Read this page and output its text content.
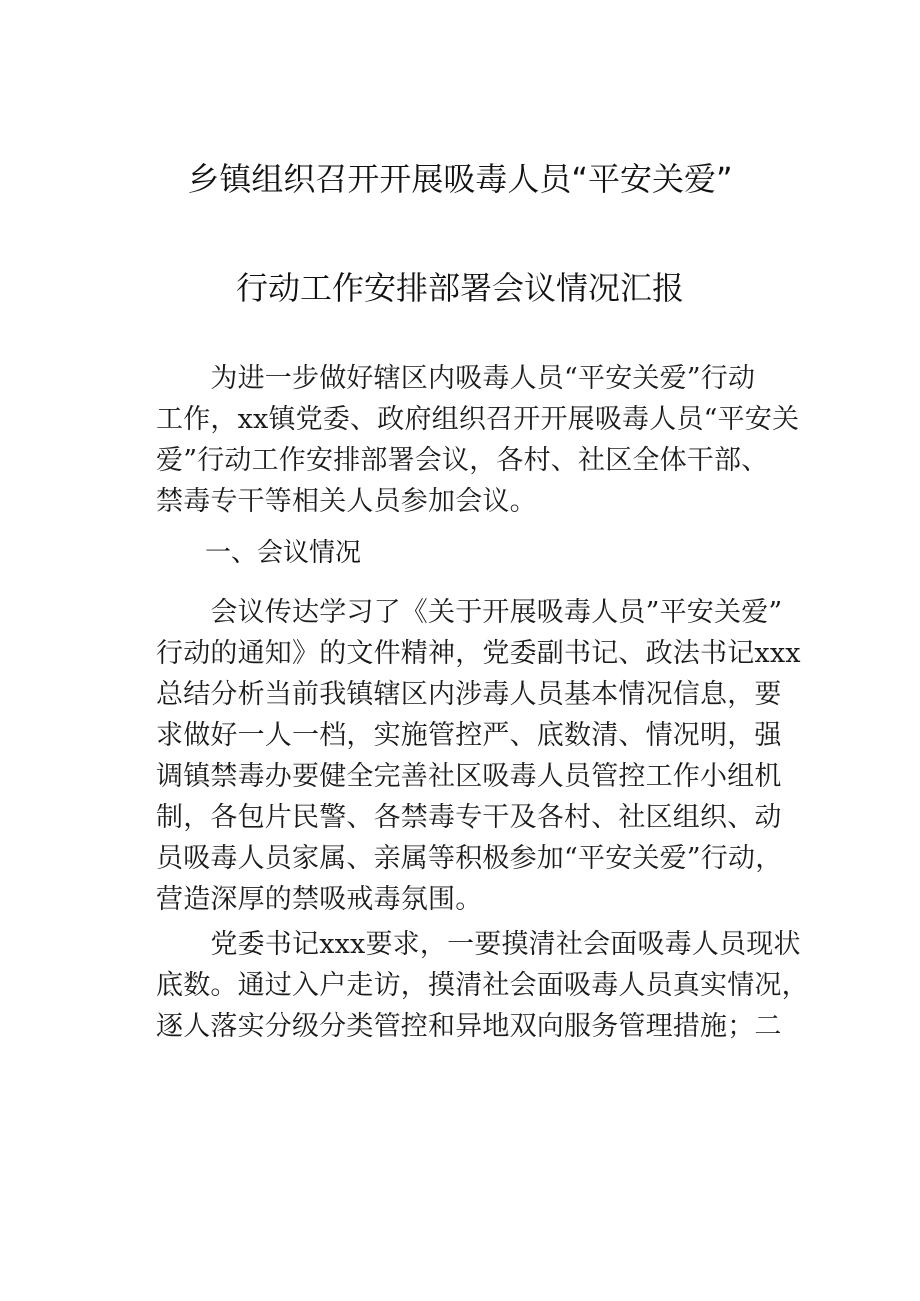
乡镇组织召开开展吸毒人员“平安关爱”
行动工作安排部署会议情况汇报
　　为进一步做好辖区内吸毒人员“平安关爱”行动
工作，xx镇党委、政府组织召开开展吸毒人员“平安关
爱”行动工作安排部署会议，各村、社区全体干部、
禁毒专干等相关人员参加会议。
一、会议情况
　　会议传达学习了《关于开展吸毒人员”平安关爱”
行动的通知》的文件精神，党委副书记、政法书记xxx
总结分析当前我镇辖区内涉毒人员基本情况信息，要
求做好一人一档，实施管控严、底数清、情况明，强
调镇禁毒办要健全完善社区吸毒人员管控工作小组机
制，各包片民警、各禁毒专干及各村、社区组织、动
员吸毒人员家属、亲属等积极参加“平安关爱”行动，
营造深厚的禁吸戒毒氛围。
　　党委书记xxx要求，一要摸清社会面吸毒人员现状
底数。通过入户走访，摸清社会面吸毒人员真实情况，
逐人落实分级分类管控和异地双向服务管理措施；二
